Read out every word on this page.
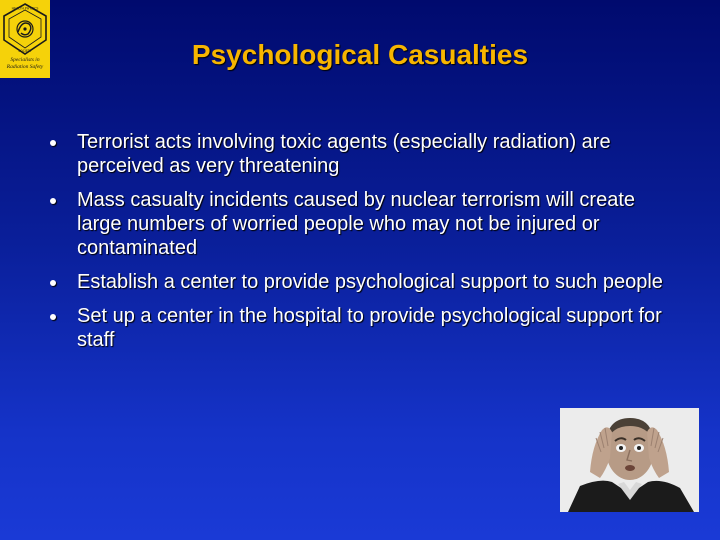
HEALTH PHYSICS
SOCIETY
Specialists in
Radiation Safety	Psychological Casualties
Terrorist acts involving toxic agents (especially radiation) are perceived as very threatening
Mass casualty incidents caused by nuclear terrorism will create large numbers of worried people who may not be injured or contaminated
Establish a center to provide psychological support to such people
Set up a center in the hospital to provide psychological support for staff
